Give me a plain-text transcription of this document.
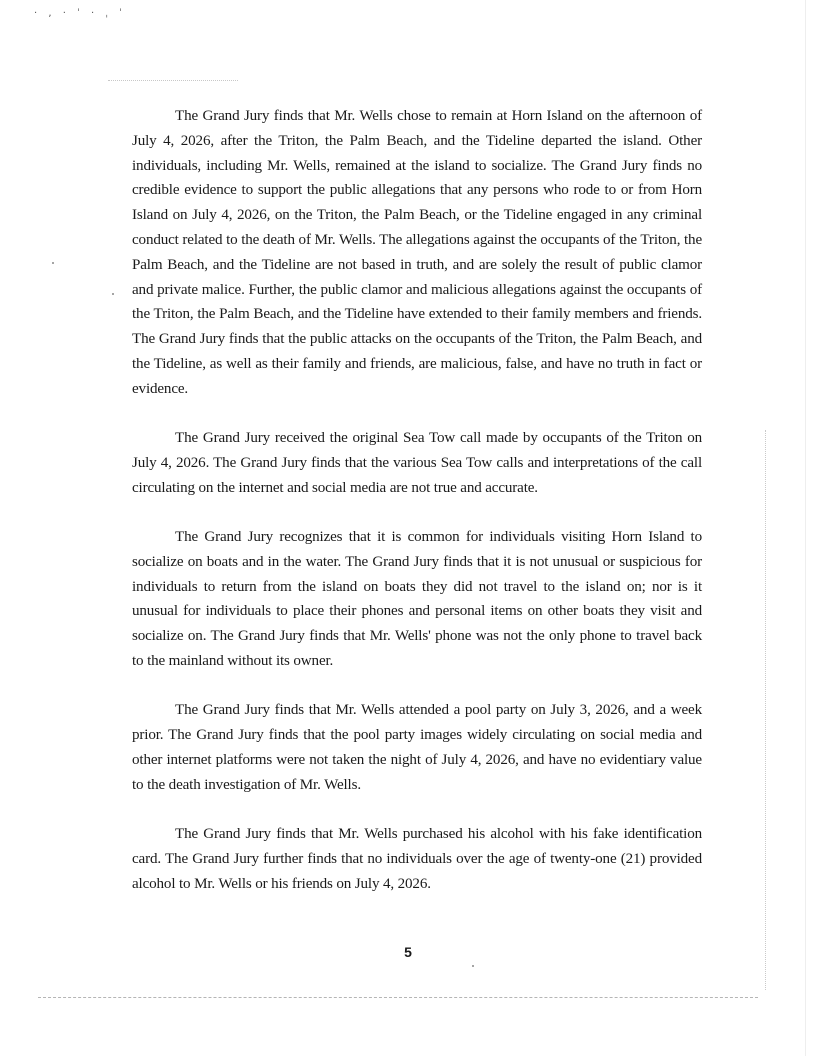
· , · ˈ · ˌ ˈ

The Grand Jury finds that Mr. Wells chose to remain at Horn Island on the afternoon of July 4, 2026, after the Triton, the Palm Beach, and the Tideline departed the island. Other individuals, including Mr. Wells, remained at the island to socialize. The Grand Jury finds no credible evidence to support the public allegations that any persons who rode to or from Horn Island on July 4, 2026, on the Triton, the Palm Beach, or the Tideline engaged in any criminal conduct related to the death of Mr. Wells. The allegations against the occupants of the Triton, the Palm Beach, and the Tideline are not based in truth, and are solely the result of public clamor and private malice. Further, the public clamor and malicious allegations against the occupants of the Triton, the Palm Beach, and the Tideline have extended to their family members and friends. The Grand Jury finds that the public attacks on the occupants of the Triton, the Palm Beach, and the Tideline, as well as their family and friends, are malicious, false, and have no truth in fact or evidence.

The Grand Jury received the original Sea Tow call made by occupants of the Triton on July 4, 2026. The Grand Jury finds that the various Sea Tow calls and interpretations of the call circulating on the internet and social media are not true and accurate.

The Grand Jury recognizes that it is common for individuals visiting Horn Island to socialize on boats and in the water. The Grand Jury finds that it is not unusual or suspicious for individuals to return from the island on boats they did not travel to the island on; nor is it unusual for individuals to place their phones and personal items on other boats they visit and socialize on. The Grand Jury finds that Mr. Wells' phone was not the only phone to travel back to the mainland without its owner.

The Grand Jury finds that Mr. Wells attended a pool party on July 3, 2026, and a week prior. The Grand Jury finds that the pool party images widely circulating on social media and other internet platforms were not taken the night of July 4, 2026, and have no evidentiary value to the death investigation of Mr. Wells.

The Grand Jury finds that Mr. Wells purchased his alcohol with his fake identification card. The Grand Jury further finds that no individuals over the age of twenty-one (21) provided alcohol to Mr. Wells or his friends on July 4, 2026.

5
